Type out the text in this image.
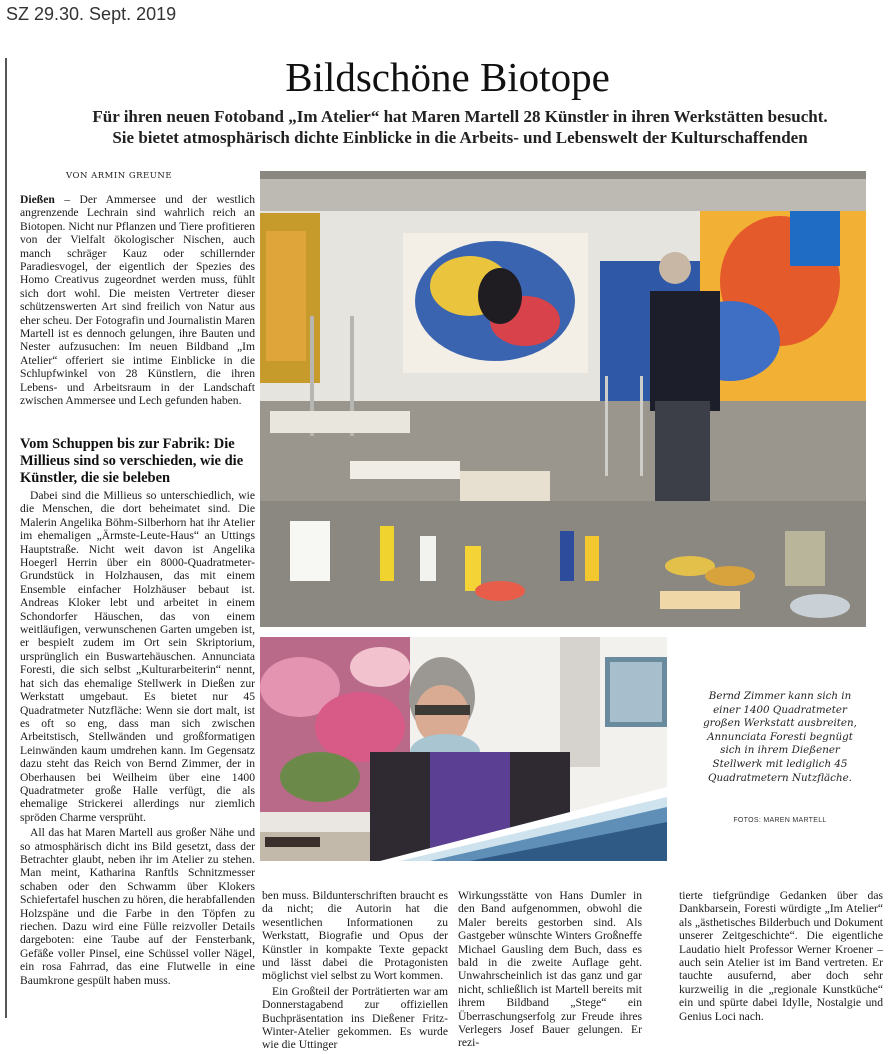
SZ 29.30. Sept. 2019
Bildschöne Biotope
Für ihren neuen Fotoband „Im Atelier“ hat Maren Martell 28 Künstler in ihren Werkstätten besucht.
Sie bietet atmosphärisch dichte Einblicke in die Arbeits- und Lebenswelt der Kulturschaffenden
VON ARMIN GREUNE

Dießen – Der Ammersee und der westlich angrenzende Lechrain sind wahrlich reich an Biotopen. Nicht nur Pflanzen und Tiere profitieren von der Vielfalt ökologischer Nischen, auch manch schräger Kauz oder schillernder Paradiesvogel, der eigentlich der Spezies des Homo Creativus zugeordnet werden muss, fühlt sich dort wohl. Die meisten Vertreter dieser schützenswerten Art sind freilich von Natur aus eher scheu. Der Fotografin und Journalistin Maren Martell ist es dennoch gelungen, ihre Bauten und Nester aufzusuchen: Im neuen Bildband „Im Atelier“ offeriert sie intime Einblicke in die Schlupfwinkel von 28 Künstlern, die ihren Lebens- und Arbeitsraum in der Landschaft zwischen Ammersee und Lech gefunden haben.

Vom Schuppen bis zur Fabrik: Die Millieus sind so verschieden, wie die Künstler, die sie beleben

Dabei sind die Millieus so unterschiedlich, wie die Menschen, die dort beheimatet sind. Die Malerin Angelika Böhm-Silberhorn hat ihr Atelier im ehemaligen „Ärmste-Leute-Haus“ an Uttings Hauptstraße. Nicht weit davon ist Angelika Hoegerl Herrin über ein 8000-Quadratmeter-Grundstück in Holzhausen, das mit einem Ensemble einfacher Holzhäuser bebaut ist. Andreas Kloker lebt und arbeitet in einem Schondorfer Häuschen, das von einem weitläufigen, verwunschenen Garten umgeben ist, er bespielt zudem im Ort sein Skriptorium, ursprünglich ein Buswartehäuschen. Annunciata Foresti, die sich selbst „Kulturarbeiterin“ nennt, hat sich das ehemalige Stellwerk in Dießen zur Werkstatt umgebaut. Es bietet nur 45 Quadratmeter Nutzfläche: Wenn sie dort malt, ist es oft so eng, dass man sich zwischen Arbeitstisch, Stellwänden und großformatigen Leinwänden kaum umdrehen kann. Im Gegensatz dazu steht das Reich von Bernd Zimmer, der in Oberhausen bei Weilheim über eine 1400 Quadratmeter große Halle verfügt, die als ehemalige Strickerei allerdings nur ziemlich spröden Charme versprüht.

All das hat Maren Martell aus großer Nähe und so atmosphärisch dicht ins Bild gesetzt, dass der Betrachter glaubt, neben ihr im Atelier zu stehen. Man meint, Katharina Ranftls Schnitzmesser schaben oder den Schwamm über Klokers Schiefertafel huschen zu hören, die herabfallenden Holzspäne und die Farbe in den Töpfen zu riechen. Dazu wird eine Fülle reizvoller Details dargeboten: eine Taube auf der Fensterbank, Gefäße voller Pinsel, eine Schüssel voller Nägel, ein rosa Fahrrad, das eine Flutwelle in eine Baumkrone gespült haben muss.

ben muss. Bildunterschriften braucht es da nicht; die Autorin hat die wesentlichen Informationen zu Werkstatt, Biografie und Opus der Künstler in kompakte Texte gepackt und lässt dabei die Protagonisten möglichst viel selbst zu Wort kommen.

Ein Großteil der Porträtierten war am Donnerstagabend zur offiziellen Buchpräsentation ins Dießener Fritz-Winter-Atelier gekommen. Es wurde wie die Uttinger

Wirkungsstätte von Hans Dumler in den Band aufgenommen, obwohl die Maler bereits gestorben sind. Als Gastgeber wünschte Winters Großneffe Michael Gausling dem Buch, dass es bald in die zweite Auflage geht. Unwahrscheinlich ist das ganz und gar nicht, schließlich ist Martell bereits mit ihrem Bildband „Stege“ ein Überraschungserfolg zur Freude ihres Verlegers Josef Bauer gelungen. Er rezi-

tierte tiefgründige Gedanken über das Dankbarsein, Foresti würdigte „Im Atelier“ als „ästhetisches Bilderbuch und Dokument unserer Zeitgeschichte“. Die eigentliche Laudatio hielt Professor Werner Kroener – auch sein Atelier ist im Band vertreten. Er tauchte ausufernd, aber doch sehr kurzweilig in die „regionale Kunstküche“ ein und spürte dabei Idylle, Nostalgie und Genius Loci nach.

Bernd Zimmer kann sich in einer 1400 Quadratmeter großen Werkstatt ausbreiten, Annunciata Foresti begnügt sich in ihrem Dießener Stellwerk mit lediglich 45 Quadratmetern Nutzfläche.
FOTOS: MAREN MARTELL
